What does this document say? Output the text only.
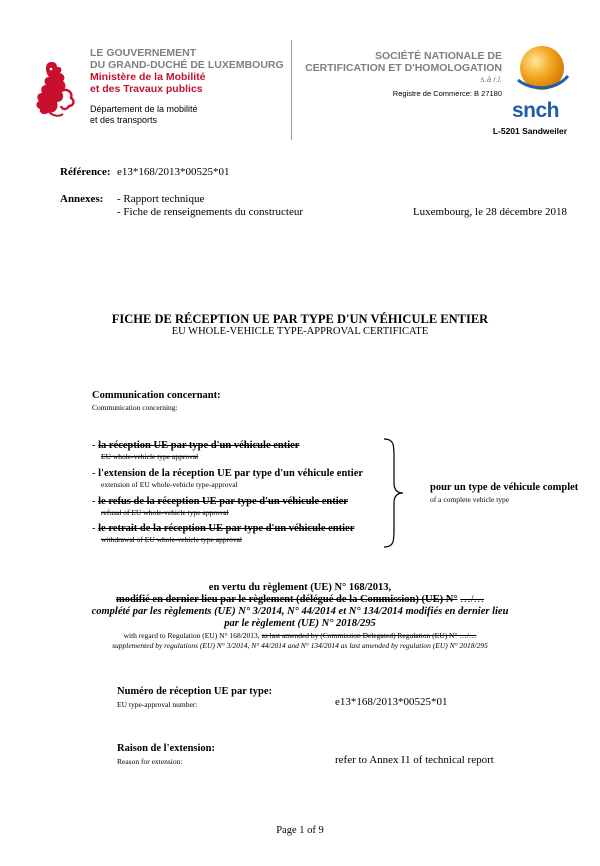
LE GOUVERNEMENT
DU GRAND-DUCHÉ DE LUXEMBOURG
Ministère de la Mobilité
et des Travaux publics
Département de la mobilité
et des transports
SOCIÉTÉ NATIONALE DE
CERTIFICATION ET D'HOMOLOGATION
s.à r.l.
Registre de Commerce: B 27180
snch
L-5201 Sandweiler
Référence: e13*168/2013*00525*01
Annexes: - Rapport technique
- Fiche de renseignements du constructeur	Luxembourg, le 28 décembre 2018
FICHE DE RÉCEPTION UE PAR TYPE D'UN VÉHICULE ENTIER
EU WHOLE-VEHICLE TYPE-APPROVAL CERTIFICATE
Communication concernant:
Communication concerning:
- la réception UE par type d'un véhicule entier
EU whole-vehicle type approval
- l'extension de la réception UE par type d'un véhicule entier
extension of EU whole-vehicle type-approval
- le refus de la réception UE par type d'un véhicule entier
refusal of EU whole-vehicle type approval
- le retrait de la réception UE par type d'un véhicule entier
withdrawal of EU whole-vehicle type approval
pour un type de véhicule complet
of a complete vehicle type
en vertu du règlement (UE) N° 168/2013,
modifié en dernier lieu par le règlement (délégué de la Commission) (UE) N° …/…
complété par les règlements (UE) N° 3/2014, N° 44/2014 et N° 134/2014 modifiés en dernier lieu
par le règlement (UE) N° 2018/295
with regard to Regulation (EU) N° 168/2013, as last amended by (Commission Delegated) Regulation (EU) N° …/…
supplemented by regulations (EU) N° 3/2014, N° 44/2014 and N° 134/2014 as last amended by regulation (EU) N° 2018/295
Numéro de réception UE par type:
EU type-approval number:	e13*168/2013*00525*01
Raison de l'extension:
Reason for extension:	refer to Annex I1 of technical report
Page 1 of 9
